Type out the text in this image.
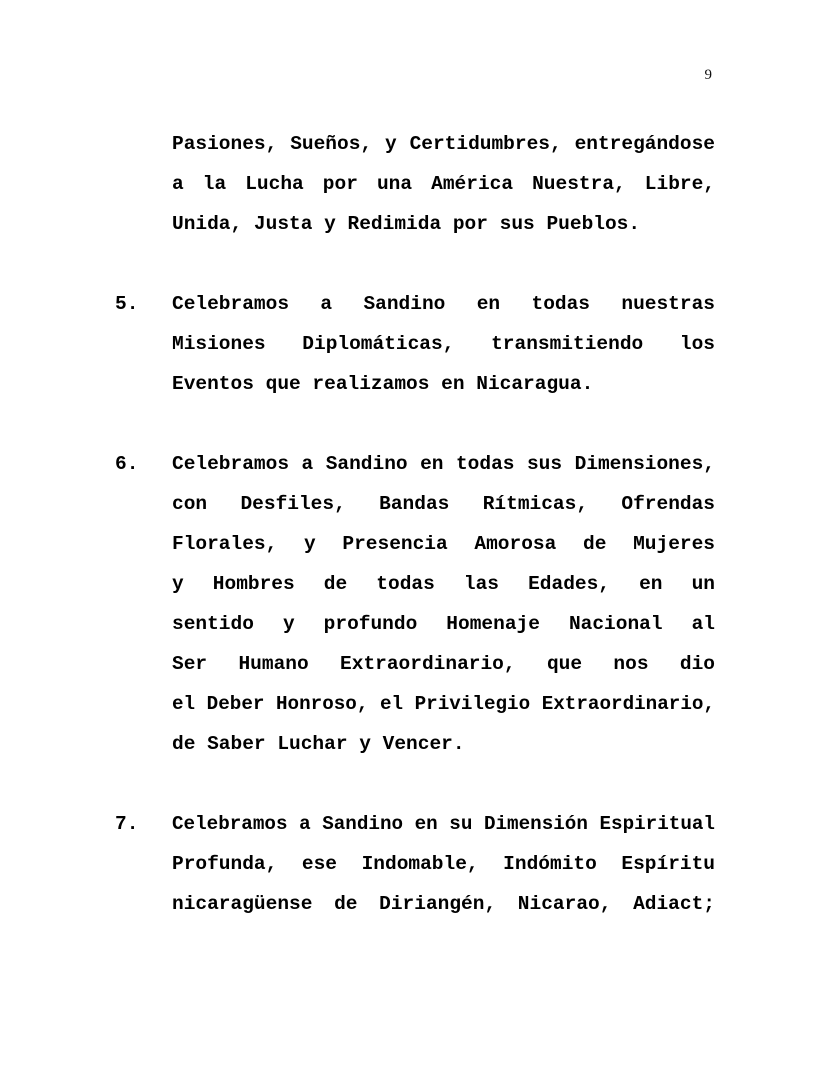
9
Pasiones, Sueños, y Certidumbres, entregándose
a la Lucha por una América Nuestra, Libre,
Unida, Justa y Redimida por sus Pueblos.
5. Celebramos a Sandino en todas nuestras
Misiones Diplomáticas, transmitiendo los
Eventos que realizamos en Nicaragua.
6. Celebramos a Sandino en todas sus Dimensiones,
con Desfiles, Bandas Rítmicas, Ofrendas
Florales, y Presencia Amorosa de Mujeres
y Hombres de todas las Edades, en un
sentido y profundo Homenaje Nacional al
Ser Humano Extraordinario, que nos dio
el Deber Honroso, el Privilegio Extraordinario,
de Saber Luchar y Vencer.
7. Celebramos a Sandino en su Dimensión Espiritual
Profunda, ese Indomable, Indómito Espíritu
nicaragüense de Diriangén, Nicarao, Adiact;
